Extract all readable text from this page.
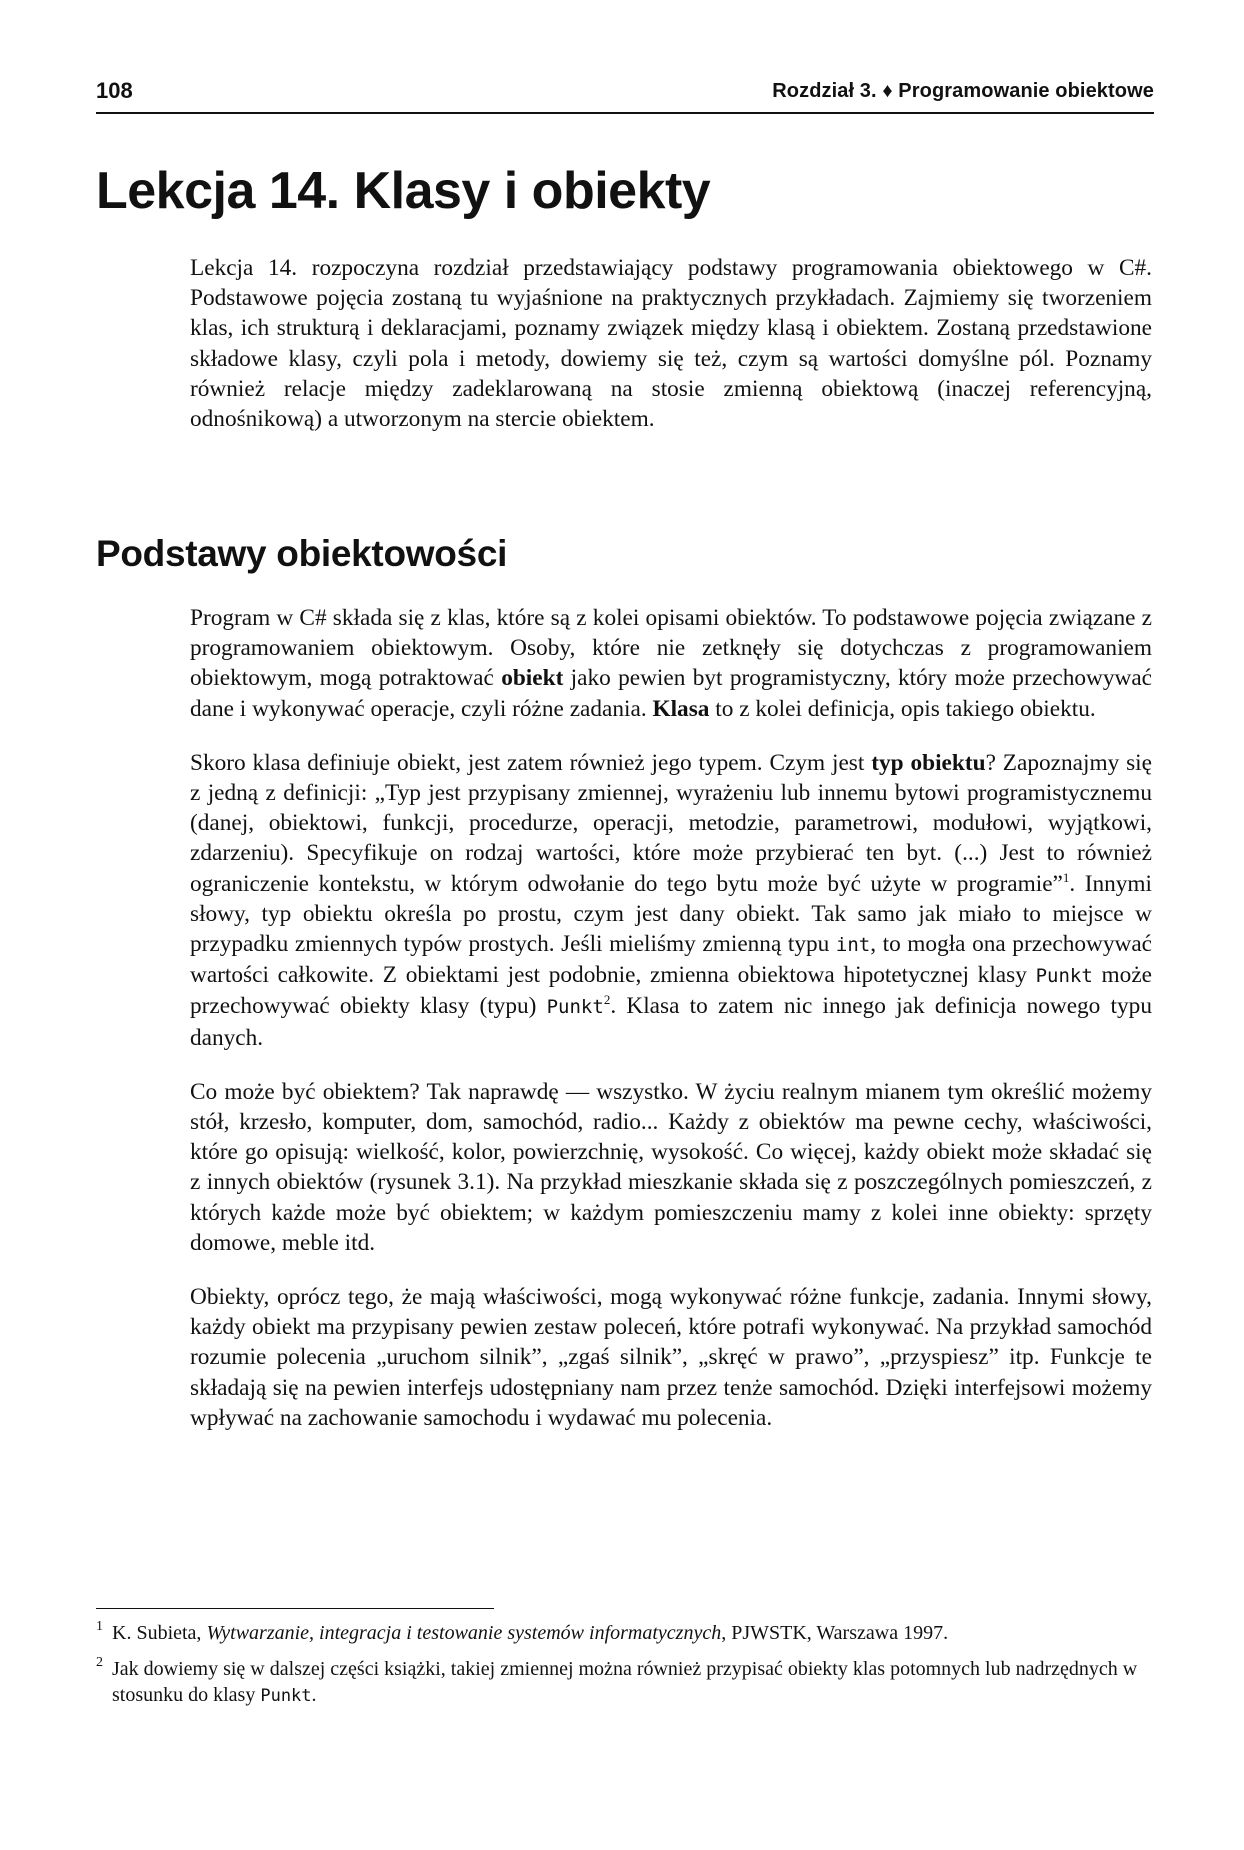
108	Rozdział 3. ♦ Programowanie obiektowe
Lekcja 14. Klasy i obiekty

Lekcja 14. rozpoczyna rozdział przedstawiający podstawy programowania obiektowego w C#. Podstawowe pojęcia zostaną tu wyjaśnione na praktycznych przykładach. Zajmiemy się tworzeniem klas, ich strukturą i deklaracjami, poznamy związek między klasą i obiektem. Zostaną przedstawione składowe klasy, czyli pola i metody, dowiemy się też, czym są wartości domyślne pól. Poznamy również relacje między zadeklarowaną na stosie zmienną obiektową (inaczej referencyjną, odnośnikową) a utworzonym na stercie obiektem.

Podstawy obiektowości

Program w C# składa się z klas, które są z kolei opisami obiektów. To podstawowe pojęcia związane z programowaniem obiektowym. Osoby, które nie zetknęły się dotychczas z programowaniem obiektowym, mogą potraktować obiekt jako pewien byt programistyczny, który może przechowywać dane i wykonywać operacje, czyli różne zadania. Klasa to z kolei definicja, opis takiego obiektu.

Skoro klasa definiuje obiekt, jest zatem również jego typem. Czym jest typ obiektu? Zapoznajmy się z jedną z definicji: „Typ jest przypisany zmiennej, wyrażeniu lub innemu bytowi programistycznemu (danej, obiektowi, funkcji, procedurze, operacji, metodzie, parametrowi, modułowi, wyjątkowi, zdarzeniu). Specyfikuje on rodzaj wartości, które może przybierać ten byt. (...) Jest to również ograniczenie kontekstu, w którym odwołanie do tego bytu może być użyte w programie”$^1$. Innymi słowy, typ obiektu określa po prostu, czym jest dany obiekt. Tak samo jak miało to miejsce w przypadku zmiennych typów prostych. Jeśli mieliśmy zmienną typu int, to mogła ona przechowywać wartości całkowite. Z obiektami jest podobnie, zmienna obiektowa hipotetycznej klasy Punkt może przechowywać obiekty klasy (typu) Punkt$^2$. Klasa to zatem nic innego jak definicja nowego typu danych.

Co może być obiektem? Tak naprawdę — wszystko. W życiu realnym mianem tym określić możemy stół, krzesło, komputer, dom, samochód, radio... Każdy z obiektów ma pewne cechy, właściwości, które go opisują: wielkość, kolor, powierzchnię, wysokość. Co więcej, każdy obiekt może składać się z innych obiektów (rysunek 3.1). Na przykład mieszkanie składa się z poszczególnych pomieszczeń, z których każde może być obiektem; w każdym pomieszczeniu mamy z kolei inne obiekty: sprzęty domowe, meble itd.

Obiekty, oprócz tego, że mają właściwości, mogą wykonywać różne funkcje, zadania. Innymi słowy, każdy obiekt ma przypisany pewien zestaw poleceń, które potrafi wykonywać. Na przykład samochód rozumie polecenia „uruchom silnik”, „zgaś silnik”, „skręć w prawo”, „przyspiesz” itp. Funkcje te składają się na pewien interfejs udostępniany nam przez tenże samochód. Dzięki interfejsowi możemy wpływać na zachowanie samochodu i wydawać mu polecenia.

1 K. Subieta, Wytwarzanie, integracja i testowanie systemów informatycznych, PJWSTK, Warszawa 1997.
2 Jak dowiemy się w dalszej części książki, takiej zmiennej można również przypisać obiekty klas potomnych lub nadrzędnych w stosunku do klasy Punkt.
